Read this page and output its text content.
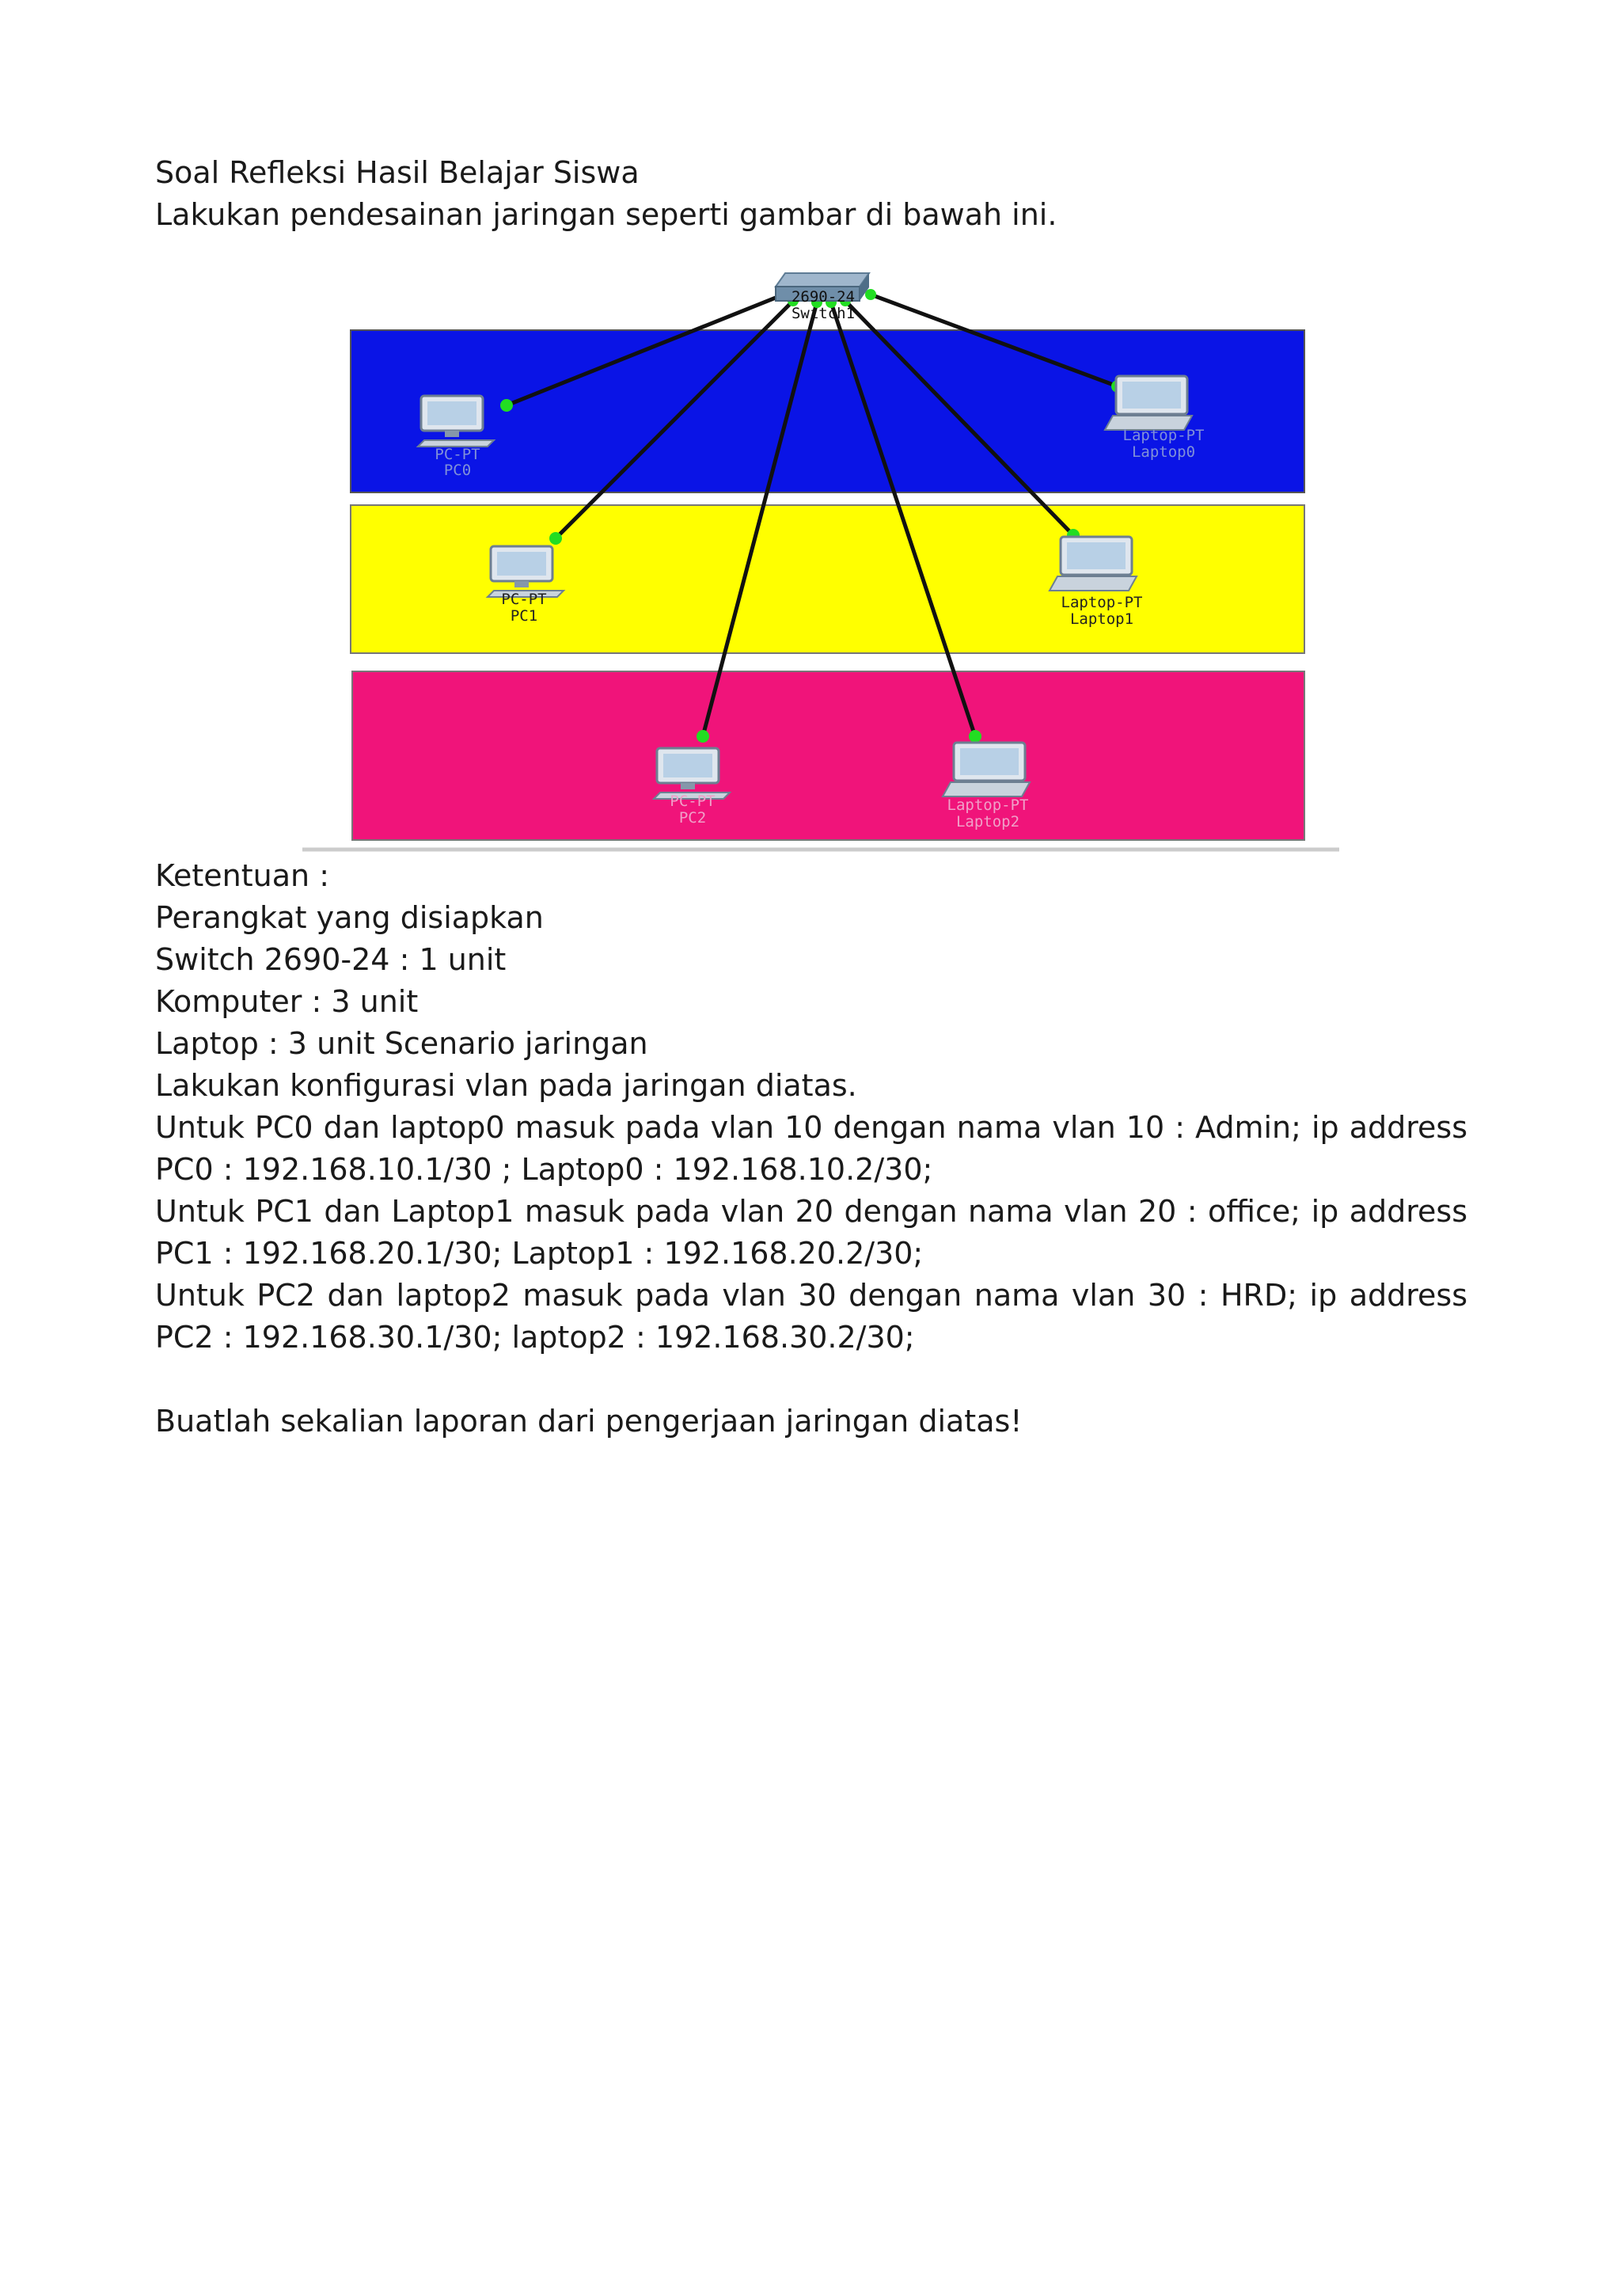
Soal Refleksi Hasil Belajar Siswa

Lakukan pendesainan jaringan seperti gambar di bawah ini.

2690-24
Switch1
PC-PT
PC0
Laptop-PT
Laptop0
PC-PT
PC1
Laptop-PT
Laptop1
PC-PT
PC2
Laptop-PT
Laptop2

Ketentuan :

Perangkat yang disiapkan

Switch 2690-24 : 1 unit

Komputer : 3 unit

Laptop : 3 unit Scenario jaringan

Lakukan konfigurasi vlan pada jaringan diatas.

Untuk PC0 dan laptop0 masuk pada vlan 10 dengan nama vlan 10 : Admin; ip address

PC0 : 192.168.10.1/30 ; Laptop0 : 192.168.10.2/30;

Untuk PC1 dan Laptop1 masuk pada vlan 20 dengan nama vlan 20 : office; ip address

PC1 : 192.168.20.1/30; Laptop1 : 192.168.20.2/30;

Untuk PC2 dan laptop2 masuk pada vlan 30 dengan nama vlan 30 : HRD; ip address

PC2 : 192.168.30.1/30; laptop2 : 192.168.30.2/30;

Buatlah sekalian laporan dari pengerjaan jaringan diatas!
